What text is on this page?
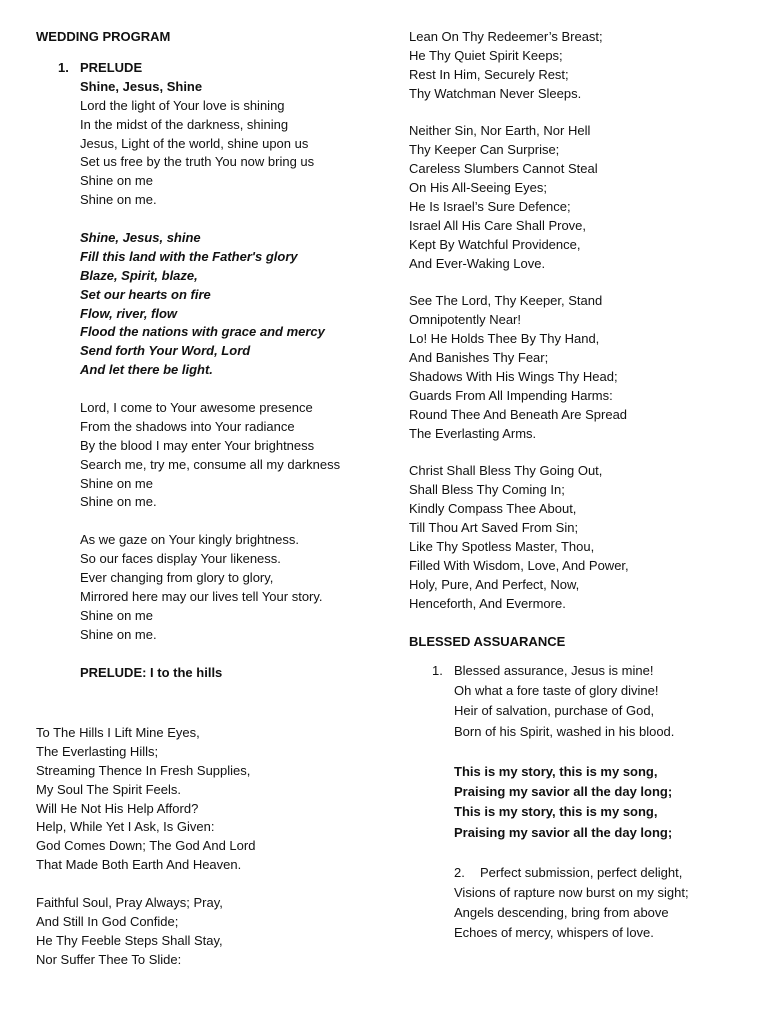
WEDDING PROGRAM
1. PRELUDE
Shine, Jesus, Shine
Lord the light of Your love is shining
In the midst of the darkness, shining
Jesus, Light of the world, shine upon us
Set us free by the truth You now bring us
Shine on me
Shine on me.
Shine, Jesus, shine
Fill this land with the Father's glory
Blaze, Spirit, blaze,
Set our hearts on fire
Flow, river, flow
Flood the nations with grace and mercy
Send forth Your Word, Lord
And let there be light.
Lord, I come to Your awesome presence
From the shadows into Your radiance
By the blood I may enter Your brightness
Search me, try me, consume all my darkness
Shine on me
Shine on me.
As we gaze on Your kingly brightness.
So our faces display Your likeness.
Ever changing from glory to glory,
Mirrored here may our lives tell Your story.
Shine on me
Shine on me.
PRELUDE: I to the hills
To The Hills I Lift Mine Eyes,
The Everlasting Hills;
Streaming Thence In Fresh Supplies,
My Soul The Spirit Feels.
Will He Not His Help Afford?
Help, While Yet I Ask, Is Given:
God Comes Down; The God And Lord
That Made Both Earth And Heaven.
Faithful Soul, Pray Always; Pray,
And Still In God Confide;
He Thy Feeble Steps Shall Stay,
Nor Suffer Thee To Slide:
Lean On Thy Redeemer’s Breast;
He Thy Quiet Spirit Keeps;
Rest In Him, Securely Rest;
Thy Watchman Never Sleeps.
Neither Sin, Nor Earth, Nor Hell
Thy Keeper Can Surprise;
Careless Slumbers Cannot Steal
On His All-Seeing Eyes;
He Is Israel’s Sure Defence;
Israel All His Care Shall Prove,
Kept By Watchful Providence,
And Ever-Waking Love.
See The Lord, Thy Keeper, Stand
Omnipotently Near!
Lo! He Holds Thee By Thy Hand,
And Banishes Thy Fear;
Shadows With His Wings Thy Head;
Guards From All Impending Harms:
Round Thee And Beneath Are Spread
The Everlasting Arms.
Christ Shall Bless Thy Going Out,
Shall Bless Thy Coming In;
Kindly Compass Thee About,
Till Thou Art Saved From Sin;
Like Thy Spotless Master, Thou,
Filled With Wisdom, Love, And Power,
Holy, Pure, And Perfect, Now,
Henceforth, And Evermore.
BLESSED ASSUARANCE
1. Blessed assurance, Jesus is mine!
Oh what a fore taste of glory divine!
Heir of salvation, purchase of God,
Born of his Spirit, washed in his blood.
This is my story, this is my song,
Praising my savior all the day long;
This is my story, this is my song,
Praising my savior all the day long;
2. Perfect submission, perfect delight,
Visions of rapture now burst on my sight;
Angels descending, bring from above
Echoes of mercy, whispers of love.
